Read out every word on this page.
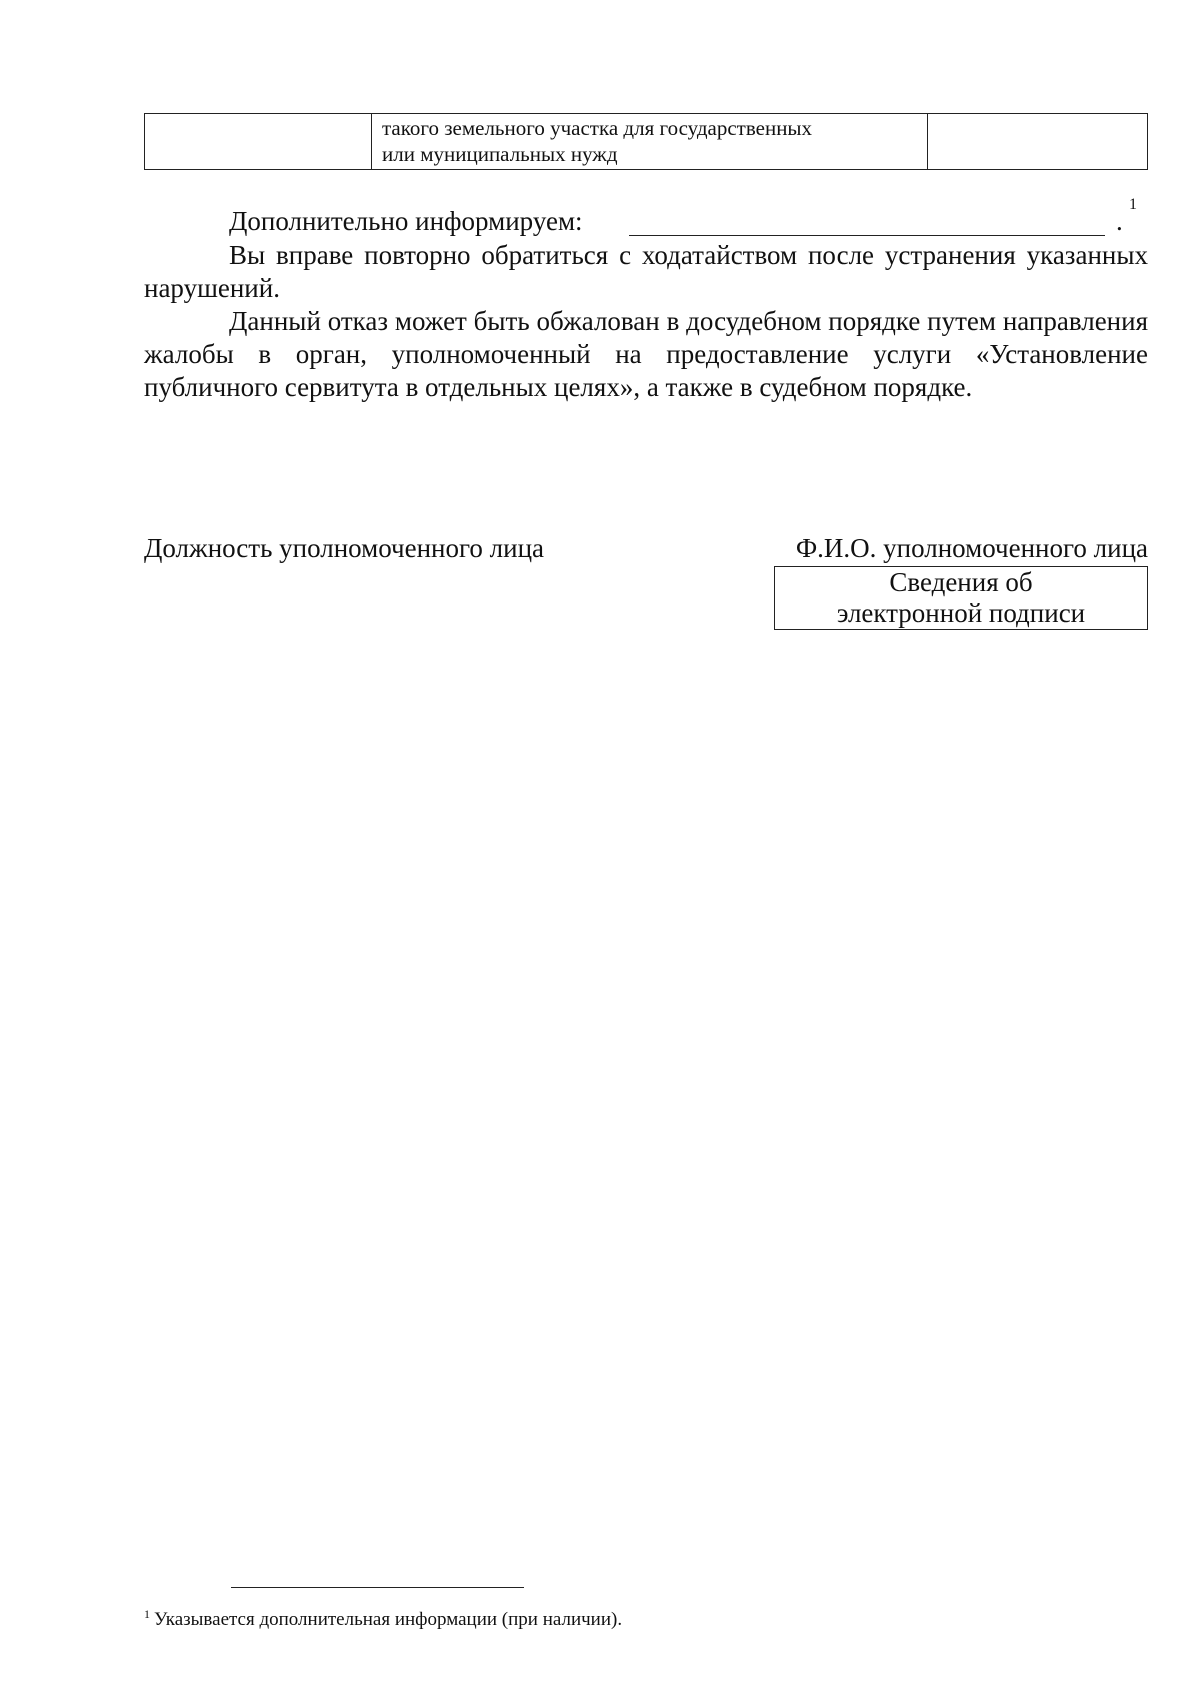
такого земельного участка для государственных
или муниципальных нужд

Дополнительно информируем:	.
1

Вы вправе повторно обратиться с ходатайством после устранения указанных нарушений.

Данный отказ может быть обжалован в досудебном порядке путем направления жалобы в орган, уполномоченный на предоставление услуги «Установление публичного сервитута в отдельных целях», а также в судебном порядке.

Должность уполномоченного лица	Ф.И.О. уполномоченного лица
Сведения об
электронной подписи
$^1$ Указывается дополнительная информации (при наличии).
